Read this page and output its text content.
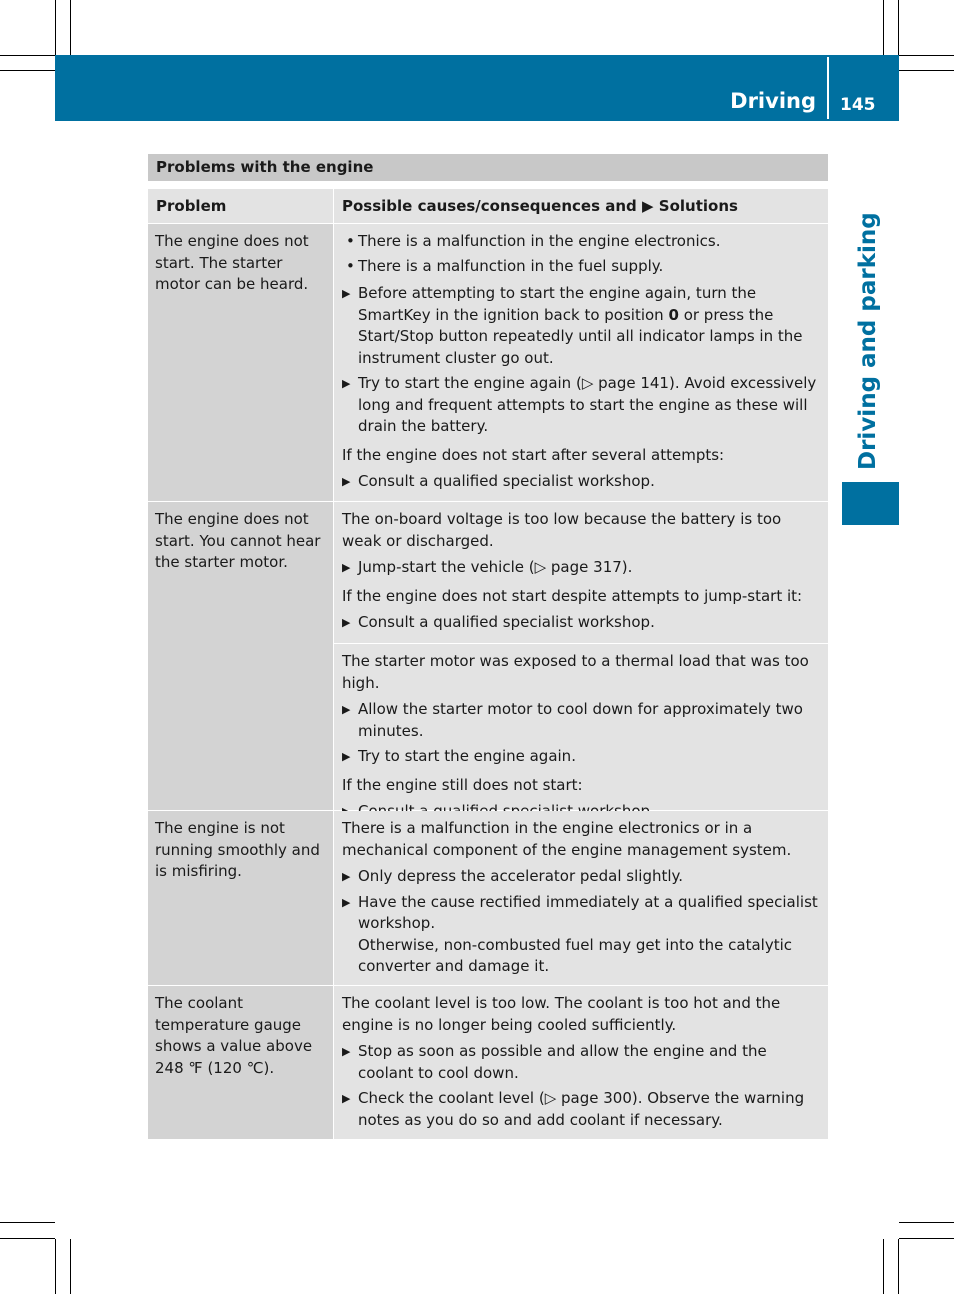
Driving 145
Driving and parking
Problems with the engine
Problem	Possible causes/consequences and ▶ Solutions
The engine does not start. The starter motor can be heard.
• There is a malfunction in the engine electronics.
• There is a malfunction in the fuel supply.
▶ Before attempting to start the engine again, turn the SmartKey in the ignition back to position 0 or press the Start/Stop button repeatedly until all indicator lamps in the instrument cluster go out.
▶ Try to start the engine again (▷ page 141). Avoid excessively long and frequent attempts to start the engine as these will drain the battery.
If the engine does not start after several attempts:
▶ Consult a qualified specialist workshop.
The engine does not start. You cannot hear the starter motor.
The on-board voltage is too low because the battery is too weak or discharged.
▶ Jump-start the vehicle (▷ page 317).
If the engine does not start despite attempts to jump-start it:
▶ Consult a qualified specialist workshop.
The starter motor was exposed to a thermal load that was too high.
▶ Allow the starter motor to cool down for approximately two minutes.
▶ Try to start the engine again.
If the engine still does not start:
The engine is not running smoothly and is misfiring.
There is a malfunction in the engine electronics or in a mechanical component of the engine management system.
▶ Only depress the accelerator pedal slightly.
▶ Have the cause rectified immediately at a qualified specialist workshop.
Otherwise, non-combusted fuel may get into the catalytic converter and damage it.
The coolant temperature gauge shows a value above 248 ℉ (120 ℃).
The coolant level is too low. The coolant is too hot and the engine is no longer being cooled sufficiently.
▶ Stop as soon as possible and allow the engine and the coolant to cool down.
▶ Check the coolant level (▷ page 300). Observe the warning notes as you do so and add coolant if necessary.
